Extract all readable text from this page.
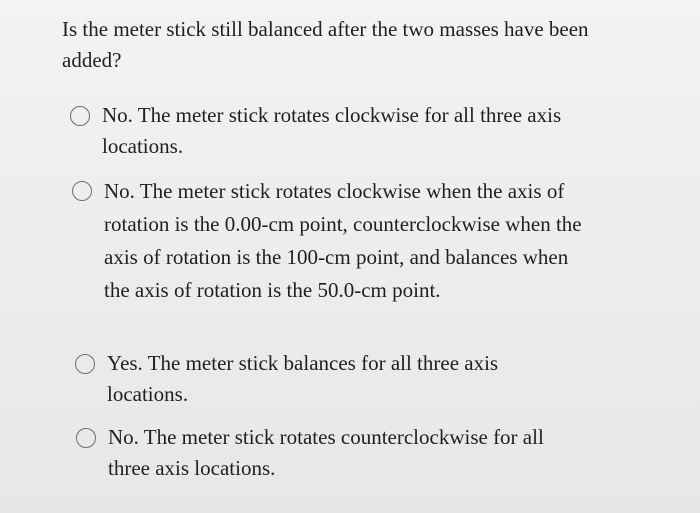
Is the meter stick still balanced after the two masses have been added?

No. The meter stick rotates clockwise for all three axis locations.
No. The meter stick rotates clockwise when the axis of rotation is the 0.00-cm point, counterclockwise when the axis of rotation is the 100-cm point, and balances when the axis of rotation is the 50.0-cm point.
Yes. The meter stick balances for all three axis locations.
No. The meter stick rotates counterclockwise for all three axis locations.
